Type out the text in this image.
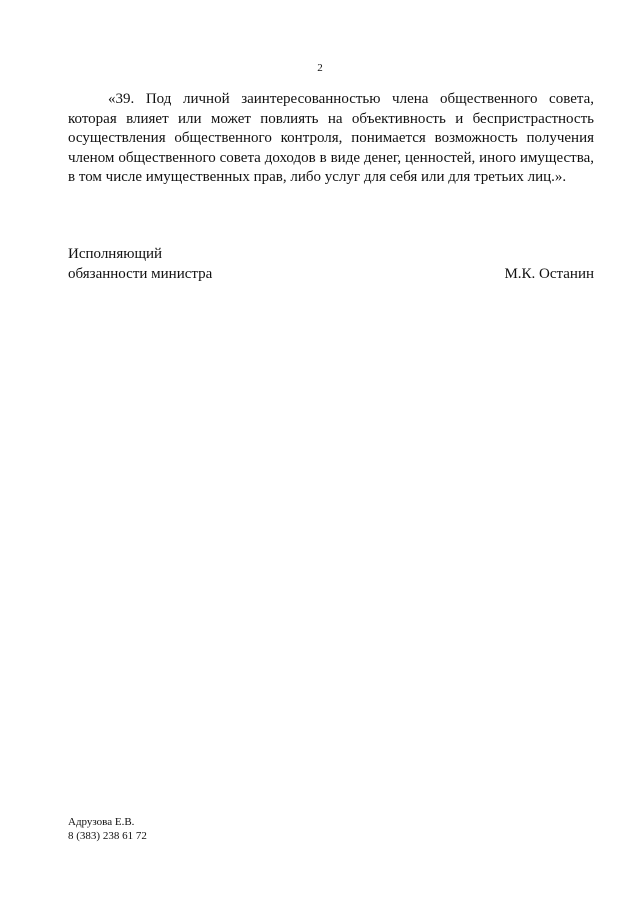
2

«39. Под личной заинтересованностью члена общественного совета, которая влияет или может повлиять на объективность и беспристрастность осуществления общественного контроля, понимается возможность получения членом общественного совета доходов в виде денег, ценностей, иного имущества, в том числе имущественных прав, либо услуг для себя или для третьих лиц.».

Исполняющий
обязанности министра	М.К. Останин
Адрузова Е.В.
8 (383) 238 61 72
